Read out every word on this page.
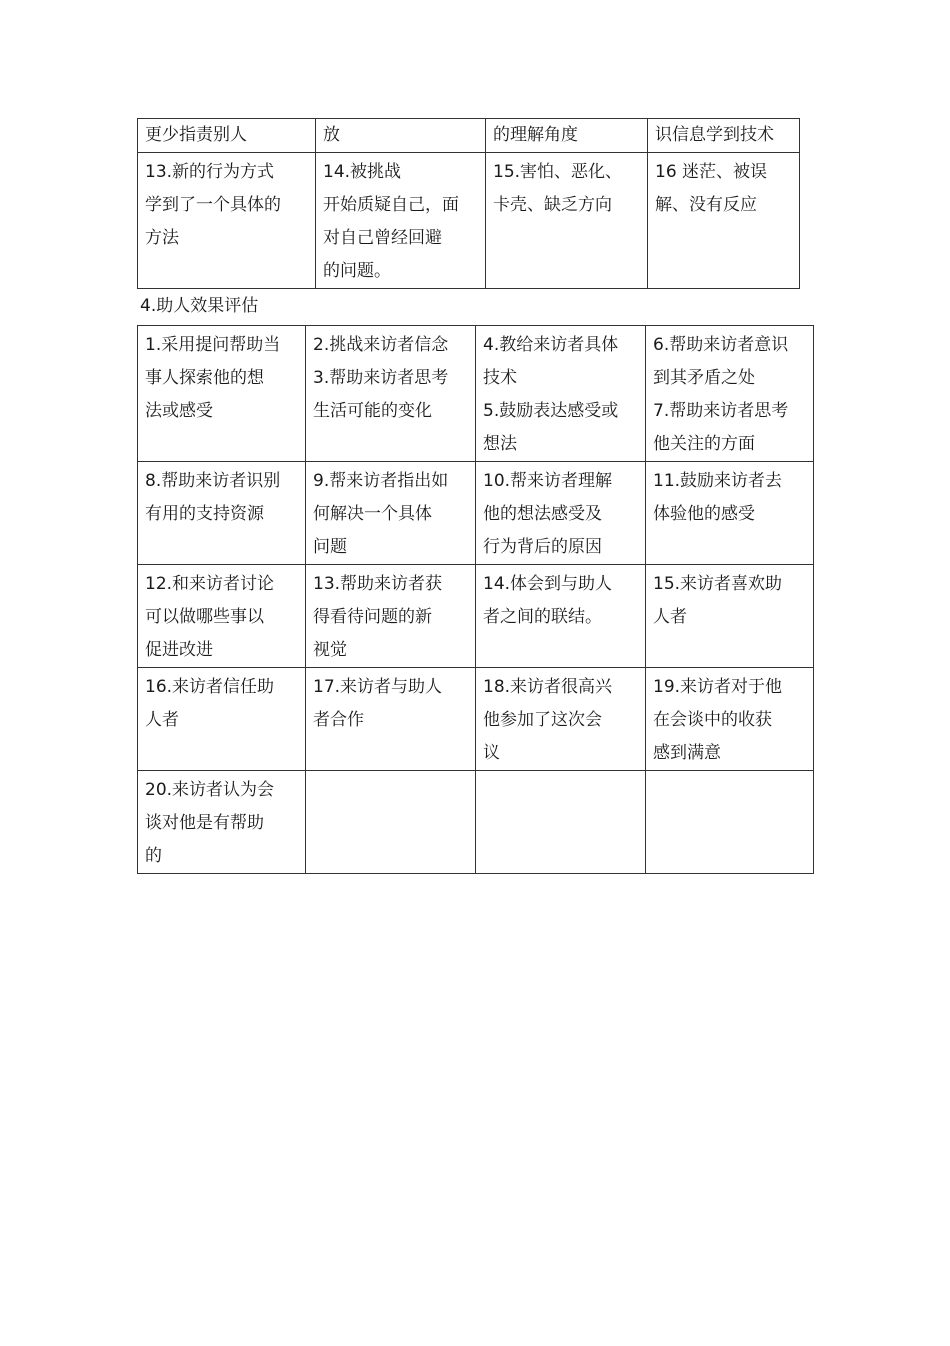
更少指责别人	放	的理解角度	识信息学到技术

13.新的行为方式
学到了一个具体的
方法	14.被挑战
开始质疑自己，面
对自己曾经回避
的问题。	15.害怕、恶化、
卡壳、缺乏方向	16 迷茫、被误
解、没有反应
4.助人效果评估
1.采用提问帮助当
事人探索他的想
法或感受	2.挑战来访者信念
3.帮助来访者思考
生活可能的变化	4.教给来访者具体
技术
5.鼓励表达感受或
想法	6.帮助来访者意识
到其矛盾之处
7.帮助来访者思考
他关注的方面

8.帮助来访者识别
有用的支持资源	9.帮来访者指出如
何解决一个具体
问题	10.帮来访者理解
他的想法感受及
行为背后的原因	11.鼓励来访者去
体验他的感受

12.和来访者讨论
可以做哪些事以
促进改进	13.帮助来访者获
得看待问题的新
视觉	14.体会到与助人
者之间的联结。	15.来访者喜欢助
人者

16.来访者信任助
人者	17.来访者与助人
者合作	18.来访者很高兴
他参加了这次会
议	19.来访者对于他
在会谈中的收获
感到满意

20.来访者认为会
谈对他是有帮助
的			
